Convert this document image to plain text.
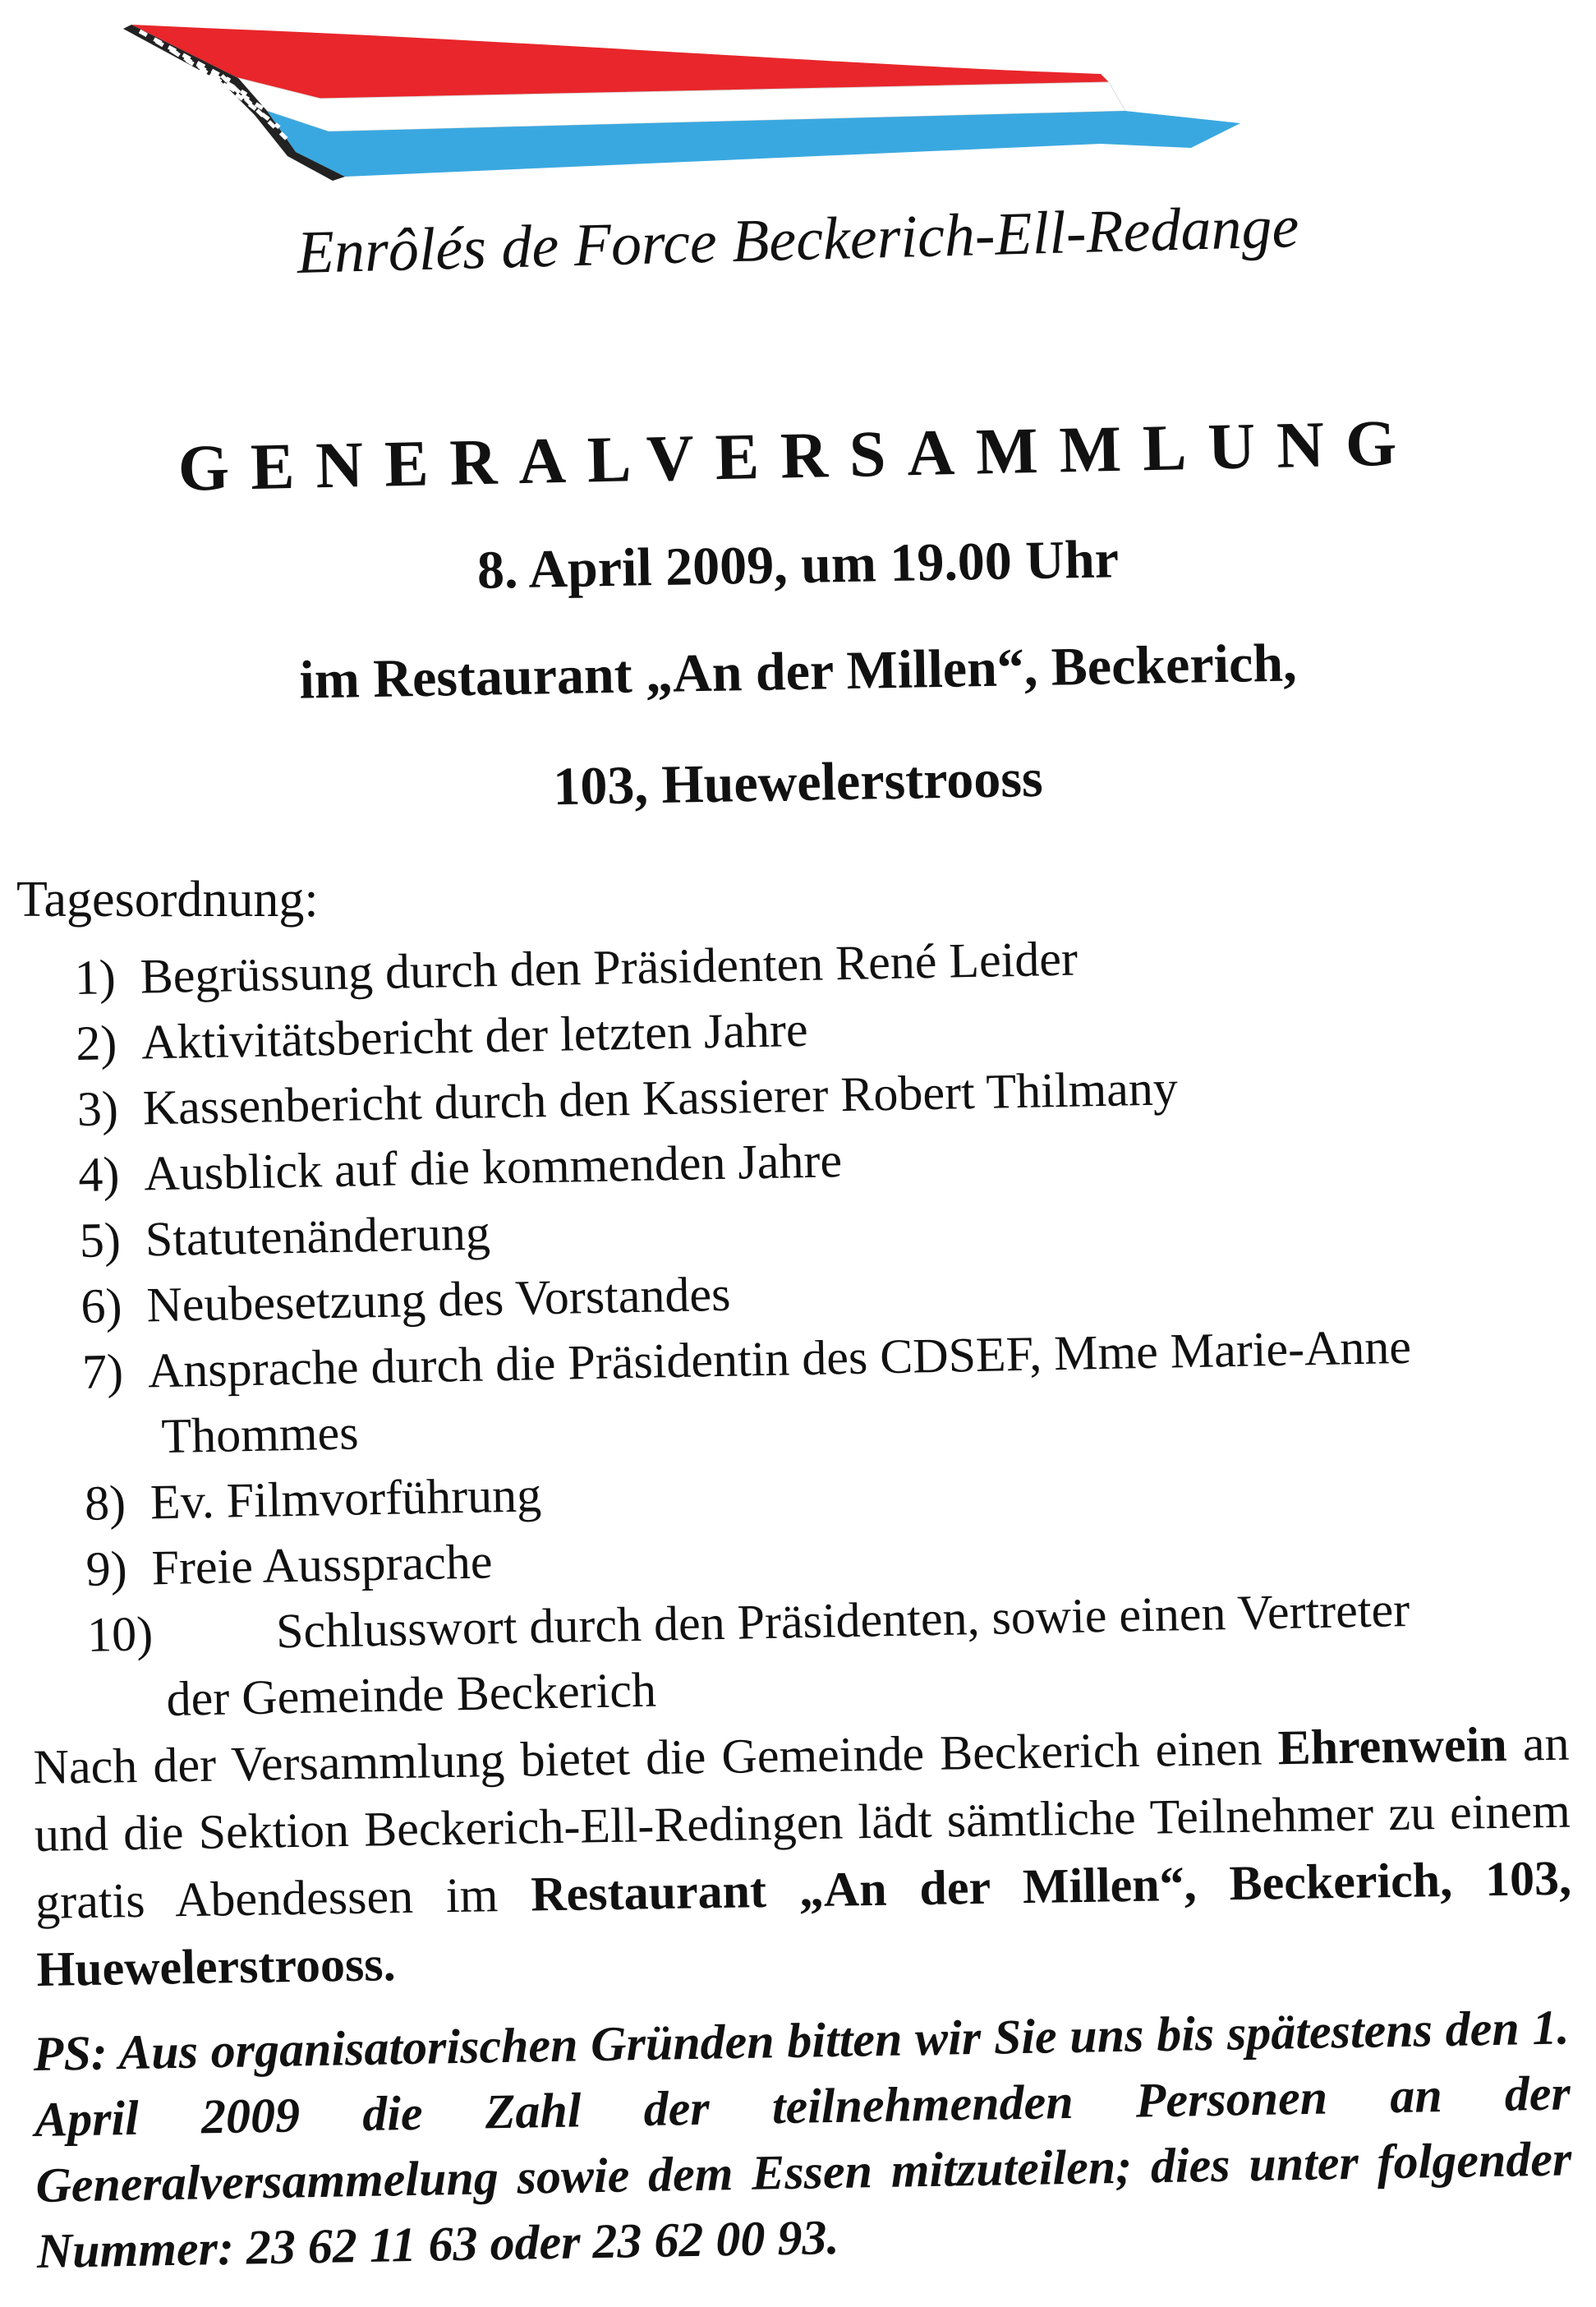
Enrôlés de Force Beckerich-Ell-Redange
GENERALVERSAMMLUNG
8. April 2009, um 19.00 Uhr
im Restaurant „An der Millen“, Beckerich,
103, Huewelerstrooss
Tagesordnung:
1) Begrüssung durch den Präsidenten René Leider
2) Aktivitätsbericht der letzten Jahre
3) Kassenbericht durch den Kassierer Robert Thilmany
4) Ausblick auf die kommenden Jahre
5) Statutenänderung
6) Neubesetzung des Vorstandes
7) Ansprache durch die Präsidentin des CDSEF, Mme Marie-Anne
Thommes
8) Ev. Filmvorführung
9) Freie Aussprache
10)	Schlusswort durch den Präsidenten, sowie einen Vertreter
der Gemeinde Beckerich
Nach der Versammlung bietet die Gemeinde Beckerich einen Ehrenwein an und die Sektion Beckerich-Ell-Redingen lädt sämtliche Teilnehmer zu einem gratis Abendessen im Restaurant „An der Millen“, Beckerich, 103, Huewelerstrooss.
PS: Aus organisatorischen Gründen bitten wir Sie uns bis spätestens den 1. April 2009 die Zahl der teilnehmenden Personen an der Generalversammelung sowie dem Essen mitzuteilen; dies unter folgender Nummer: 23 62 11 63 oder 23 62 00 93.
